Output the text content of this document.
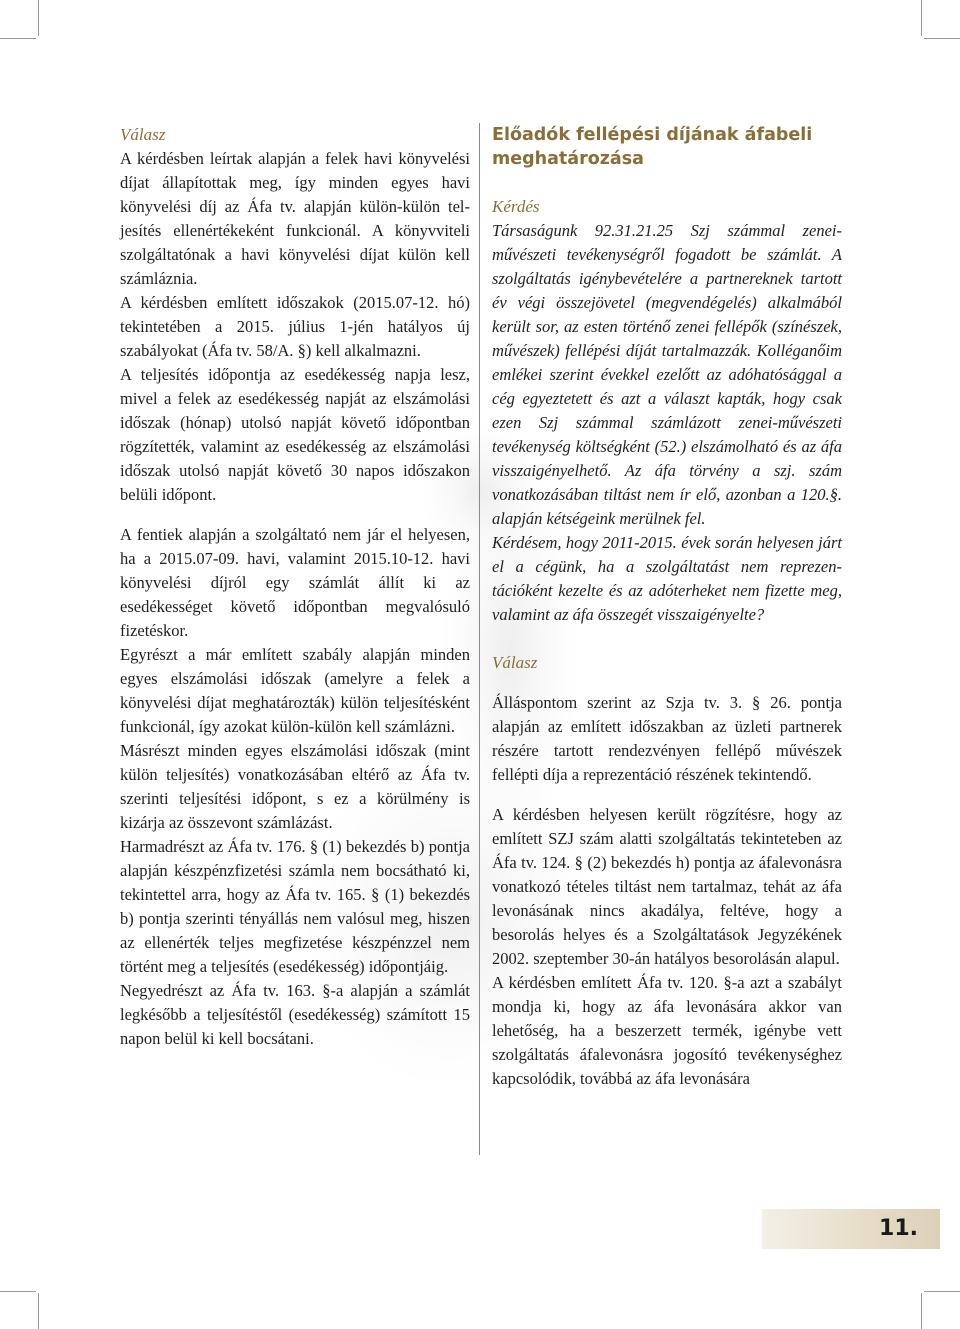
Válasz

A kérdésben leírtak alapján a felek havi könyvelési díjat állapítottak meg, így minden egyes havi könyvelési díj az Áfa tv. alapján külön-külön teljesítés ellenértékeként funkcionál. A könyvviteli szolgáltatónak a havi könyvelési díjat külön kell számláznia.

A kérdésben említett időszakok (2015.07-12. hó) tekintetében a 2015. július 1-jén hatályos új szabályokat (Áfa tv. 58/A. §) kell alkalmazni.

A teljesítés időpontja az esedékesség napja lesz, mivel a felek az esedékesség napját az elszámolási időszak (hónap) utolsó napját követő időpontban rögzítették, valamint az esedékesség az elszámolási időszak utolsó napját követő 30 napos időszakon belüli időpont.

A fentiek alapján a szolgáltató nem jár el helyesen, ha a 2015.07-09. havi, valamint 2015.10-12. havi könyvelési díjról egy számlát állít ki az esedékességet követő időpontban megvalósuló fizetéskor.

Egyrészt a már említett szabály alapján minden egyes elszámolási időszak (amelyre a felek a könyvelési díjat meghatározták) külön teljesítésként funkcionál, így azokat külön-külön kell számlázni.

Másrészt minden egyes elszámolási időszak (mint külön teljesítés) vonatkozásában eltérő az Áfa tv. szerinti teljesítési időpont, s ez a körülmény is kizárja az összevont számlázást.

Harmadrészt az Áfa tv. 176. § (1) bekezdés b) pontja alapján készpénzfizetési számla nem bocsátható ki, tekintettel arra, hogy az Áfa tv. 165. § (1) bekezdés b) pontja szerinti tényállás nem valósul meg, hiszen az ellenérték teljes megfizetése készpénzzel nem történt meg a teljesítés (esedékesség) időpontjáig.

Negyedrészt az Áfa tv. 163. §-a alapján a számlát legkésőbb a teljesítéstől (esedékesség) számított 15 napon belül ki kell bocsátani.

Előadók fellépési díjának áfabeli meghatározása

Kérdés

Társaságunk 92.31.21.25 Szj számmal zenei-művészeti tevékenységről fogadott be számlát. A szolgáltatás igénybevételére a partnereknek tartott év végi összejövetel (megvendégelés) alkalmából került sor, az esten történő zenei fellépők (színészek, művészek) fellépési díját tartalmazzák. Kolléganőim emlékei szerint évekkel ezelőtt az adóhatósággal a cég egyeztetett és azt a választ kapták, hogy csak ezen Szj számmal számlázott zenei-művészeti tevékenység költségként (52.) elszámolható és az áfa visszaigényelhető. Az áfa törvény a szj. szám vonatkozásában tiltást nem ír elő, azonban a 120.§. alapján kétségeink merülnek fel.

Kérdésem, hogy 2011-2015. évek során helyesen járt el a cégünk, ha a szolgáltatást nem reprezentációként kezelte és az adóterheket nem fizette meg, valamint az áfa összegét visszaigényelte?

Válasz

Álláspontom szerint az Szja tv. 3. § 26. pontja alapján az említett időszakban az üzleti partnerek részére tartott rendezvényen fellépő művészek fellépti díja a reprezentáció részének tekintendő.

A kérdésben helyesen került rögzítésre, hogy az említett SZJ szám alatti szolgáltatás tekinteteben az Áfa tv. 124. § (2) bekezdés h) pontja az áfalevonásra vonatkozó tételes tiltást nem tartalmaz, tehát az áfa levonásának nincs akadálya, feltéve, hogy a besorolás helyes és a Szolgáltatások Jegyzékének 2002. szeptember 30-án hatályos besorolásán alapul.

A kérdésben említett Áfa tv. 120. §-a azt a szabályt mondja ki, hogy az áfa levonására akkor van lehetőség, ha a beszerzett termék, igénybe vett szolgáltatás áfalevonásra jogosító tevékenységhez kapcsolódik, továbbá az áfa levonására

11.
